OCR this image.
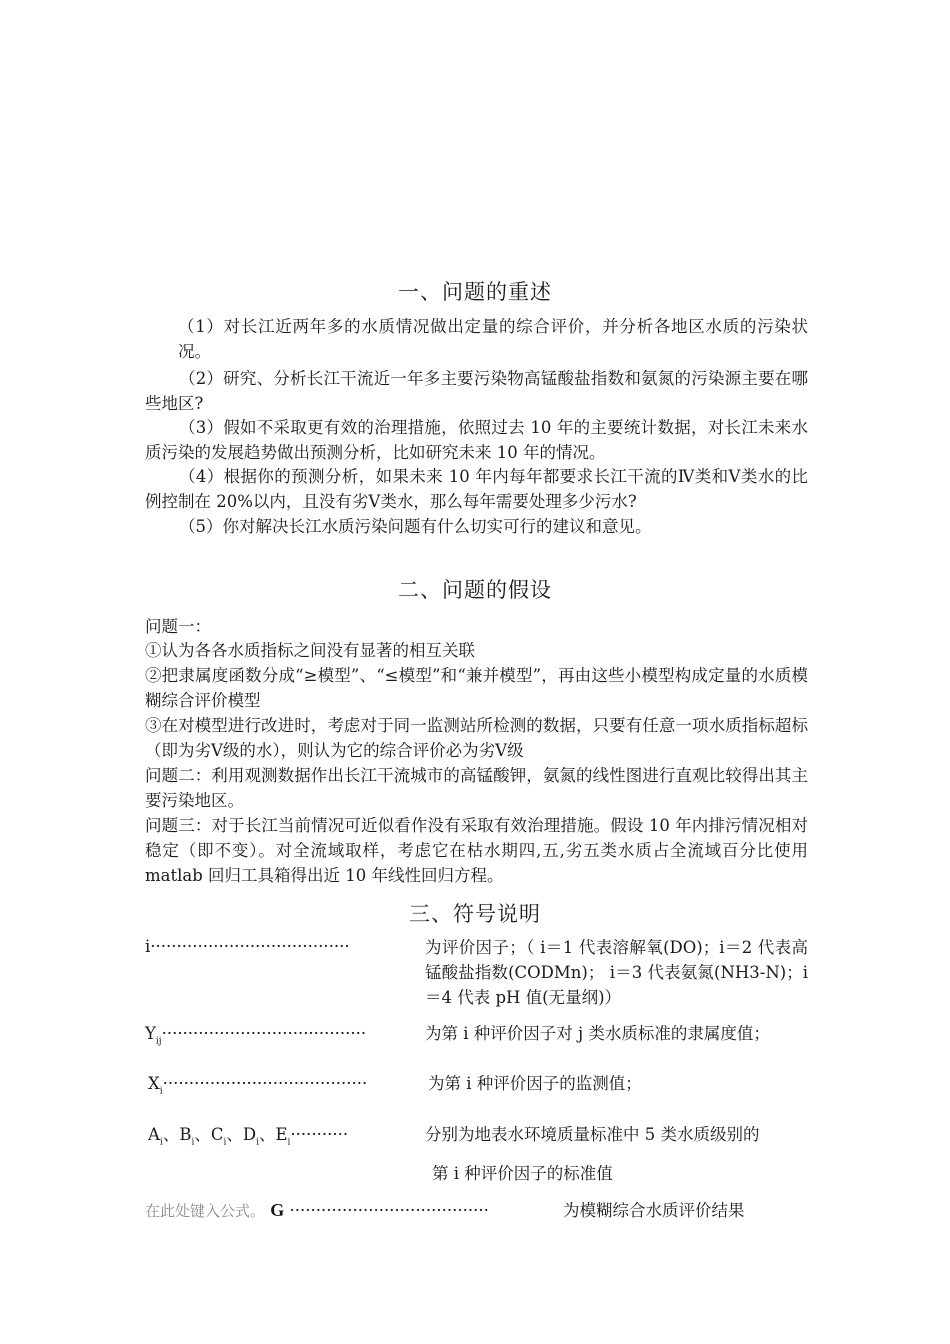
一、问题的重述

（1）对长江近两年多的水质情况做出定量的综合评价，并分析各地区水质的污染状况。

（2）研究、分析长江干流近一年多主要污染物高锰酸盐指数和氨氮的污染源主要在哪些地区?

（3）假如不采取更有效的治理措施，依照过去 10 年的主要统计数据，对长江未来水质污染的发展趋势做出预测分析，比如研究未来 10 年的情况。

（4）根据你的预测分析，如果未来 10 年内每年都要求长江干流的Ⅳ类和Ⅴ类水的比例控制在 20%以内，且没有劣Ⅴ类水，那么每年需要处理多少污水?

（5）你对解决长江水质污染问题有什么切实可行的建议和意见。

二、问题的假设

问题一：

①认为各各水质指标之间没有显著的相互关联

②把隶属度函数分成“≥模型”、“≤模型”和“兼并模型”，再由这些小模型构成定量的水质模糊综合评价模型

③在对模型进行改进时，考虑对于同一监测站所检测的数据，只要有任意一项水质指标超标（即为劣Ⅴ级的水），则认为它的综合评价必为劣Ⅴ级

问题二：利用观测数据作出长江干流城市的高锰酸钾，氨氮的线性图进行直观比较得出其主要污染地区。

问题三：对于长江当前情况可近似看作没有采取有效治理措施。假设 10 年内排污情况相对稳定（即不变）。对全流域取样，考虑它在枯水期四,五,劣五类水质占全流域百分比使用 matlab 回归工具箱得出近 10 年线性回归方程。

三、符号说明
i······································	为评价因子；（ i＝1 代表溶解氧(DO)；i＝2 代表高锰酸盐指数(CODMn)； i＝3 代表氨氮(NH3-N)；i＝4 代表 pH 值(无量纲)）
$Y_{ij}\cdot\cdot\cdot\cdot\cdot\cdot\cdot\cdot\cdot\cdot\cdot\cdot\cdot\cdot\cdot\cdot\cdot\cdot\cdot\cdot\cdot\cdot\cdot\cdot\cdot\cdot\cdot\cdot\cdot\cdot\cdot\cdot\cdot\cdot\cdot\cdot\cdot\cdot\cdot$	为第 i 种评价因子对 j 类水质标准的隶属度值；
$X_i\cdot\cdot\cdot\cdot\cdot\cdot\cdot\cdot\cdot\cdot\cdot\cdot\cdot\cdot\cdot\cdot\cdot\cdot\cdot\cdot\cdot\cdot\cdot\cdot\cdot\cdot\cdot\cdot\cdot\cdot\cdot\cdot\cdot\cdot\cdot\cdot\cdot\cdot\cdot$	为第 i 种评价因子的监测值；
$A_i$、$B_i$、$C_i$、$D_i$、$E_i\cdot\cdot\cdot\cdot\cdot\cdot\cdot\cdot\cdot\cdot\cdot$	分别为地表水环境质量标准中 5 类水质级别的
第 i 种评价因子的标准值
在此处键入公式。 G ······································	为模糊综合水质评价结果
